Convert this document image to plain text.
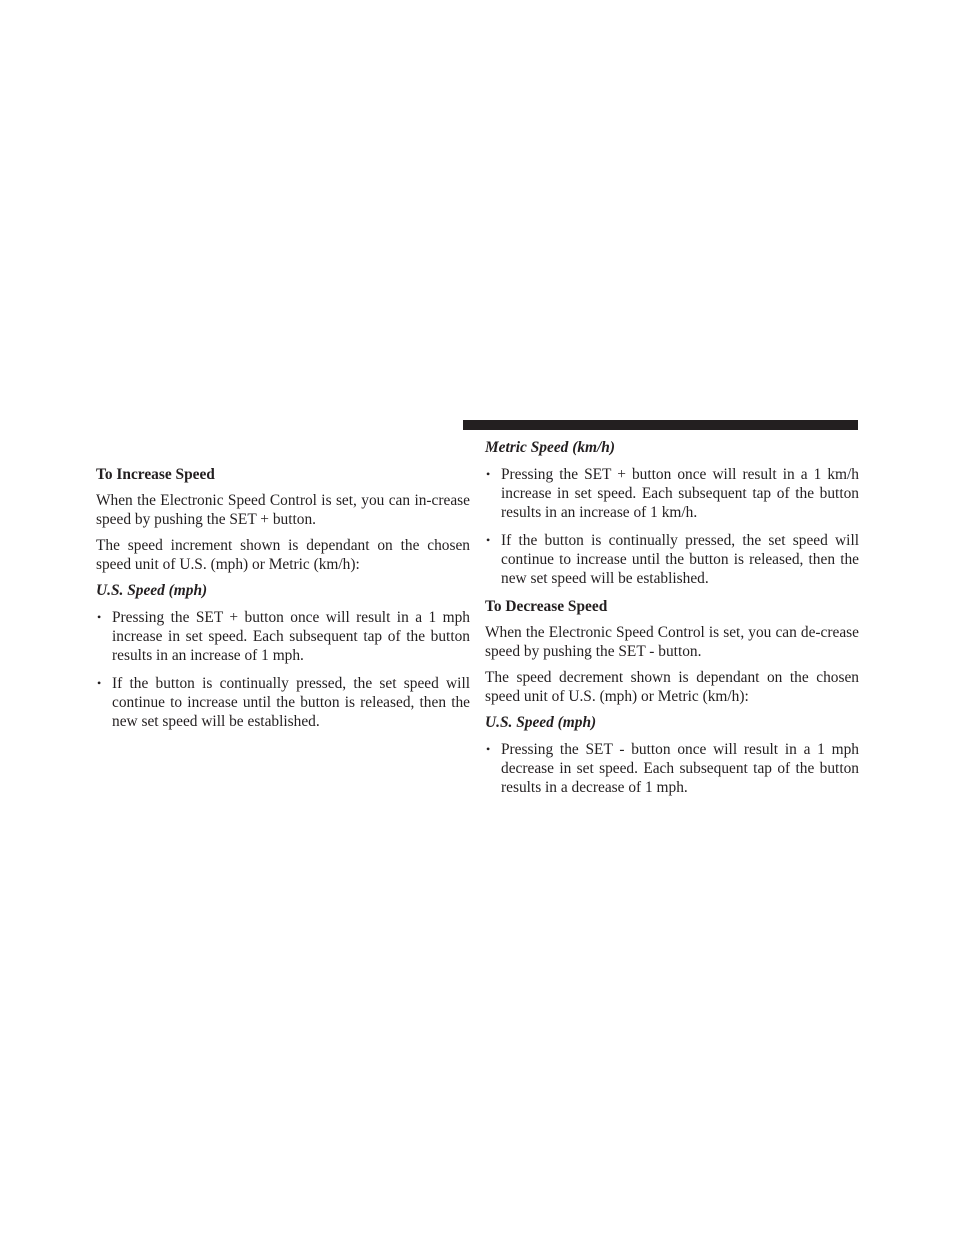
To Increase Speed

When the Electronic Speed Control is set, you can in-crease speed by pushing the SET + button.

The speed increment shown is dependant on the chosen speed unit of U.S. (mph) or Metric (km/h):

U.S. Speed (mph)
• Pressing the SET + button once will result in a 1 mph increase in set speed. Each subsequent tap of the button results in an increase of 1 mph.
• If the button is continually pressed, the set speed will continue to increase until the button is released, then the new set speed will be established.
Metric Speed (km/h)
• Pressing the SET + button once will result in a 1 km/h increase in set speed. Each subsequent tap of the button results in an increase of 1 km/h.
• If the button is continually pressed, the set speed will continue to increase until the button is released, then the new set speed will be established.
To Decrease Speed

When the Electronic Speed Control is set, you can de-crease speed by pushing the SET - button.

The speed decrement shown is dependant on the chosen speed unit of U.S. (mph) or Metric (km/h):

U.S. Speed (mph)
• Pressing the SET - button once will result in a 1 mph decrease in set speed. Each subsequent tap of the button results in a decrease of 1 mph.
